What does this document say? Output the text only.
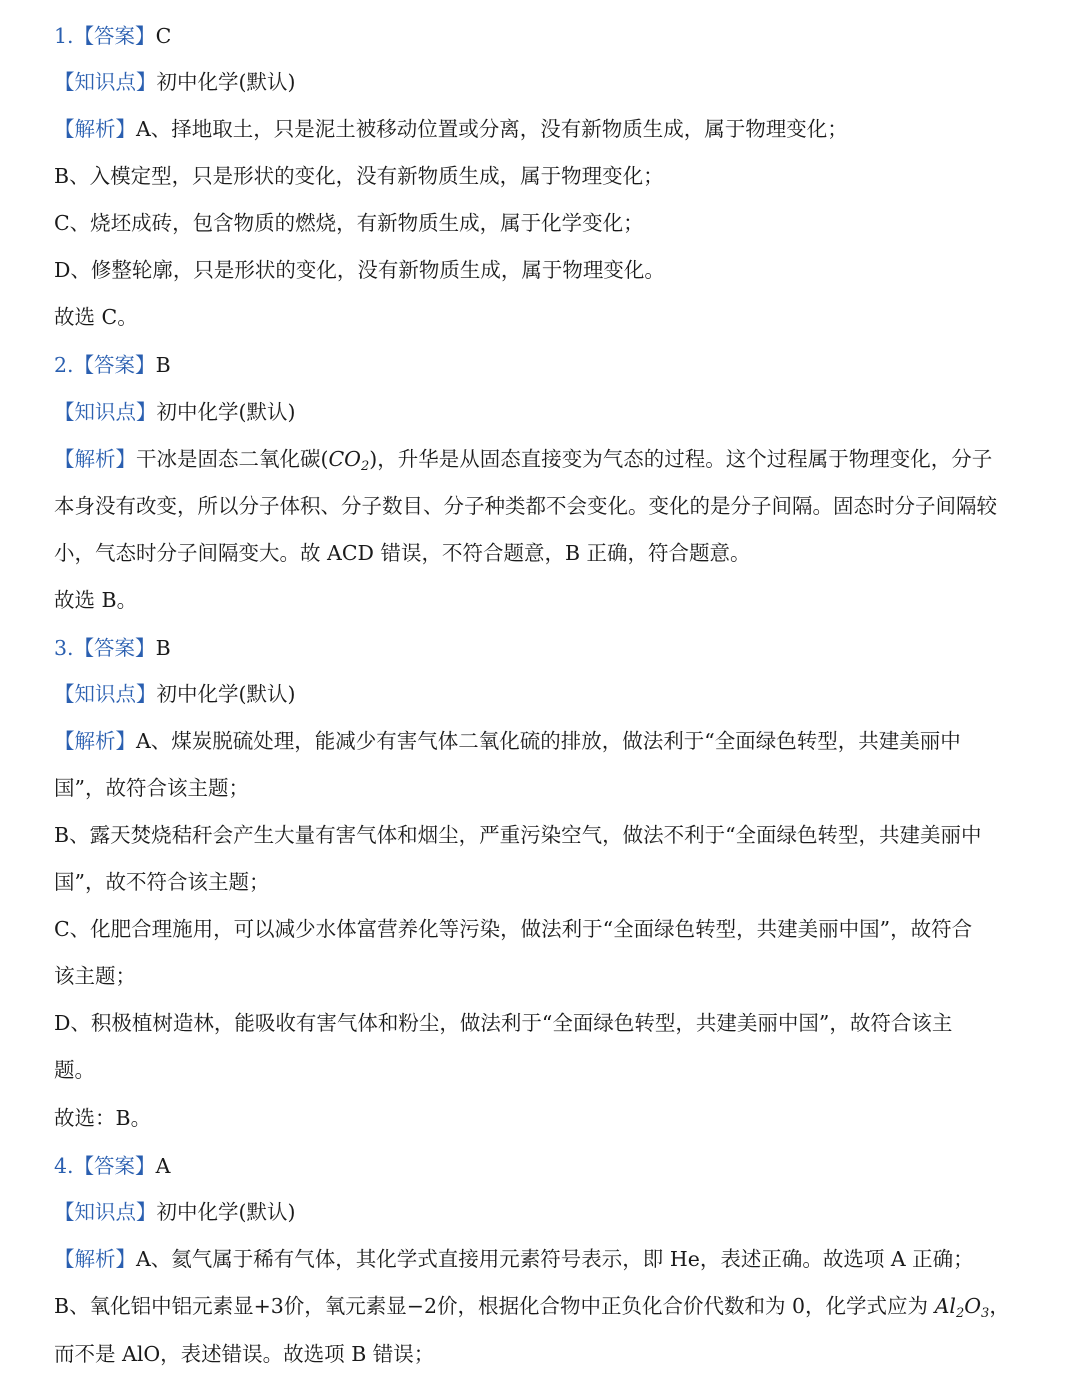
1.【答案】C
【知识点】初中化学(默认)
【解析】A、择地取土，只是泥土被移动位置或分离，没有新物质生成，属于物理变化；
B、入模定型，只是形状的变化，没有新物质生成，属于物理变化；
C、烧坯成砖，包含物质的燃烧，有新物质生成，属于化学变化；
D、修整轮廓，只是形状的变化，没有新物质生成，属于物理变化。
故选 C。
2.【答案】B
【知识点】初中化学(默认)
【解析】干冰是固态二氧化碳$(CO_2)$，升华是从固态直接变为气态的过程。这个过程属于物理变化，分子
本身没有改变，所以分子体积、分子数目、分子种类都不会变化。变化的是分子间隔。固态时分子间隔较
小，气态时分子间隔变大。故 ACD 错误，不符合题意，B 正确，符合题意。
故选 B。
3.【答案】B
【知识点】初中化学(默认)
【解析】A、煤炭脱硫处理，能减少有害气体二氧化硫的排放，做法利于“全面绿色转型，共建美丽中
国”，故符合该主题；
B、露天焚烧秸秆会产生大量有害气体和烟尘，严重污染空气，做法不利于“全面绿色转型，共建美丽中
国”，故不符合该主题；
C、化肥合理施用，可以减少水体富营养化等污染，做法利于“全面绿色转型，共建美丽中国”，故符合
该主题；
D、积极植树造林，能吸收有害气体和粉尘，做法利于“全面绿色转型，共建美丽中国”，故符合该主
题。
故选：B。
4.【答案】A
【知识点】初中化学(默认)
【解析】A、氦气属于稀有气体，其化学式直接用元素符号表示，即 He，表述正确。故选项 A 正确；
B、氧化铝中铝元素显+3价，氧元素显−2价，根据化合物中正负化合价代数和为 0，化学式应为 $Al_2O_3$，
而不是 AlO，表述错误。故选项 B 错误；
